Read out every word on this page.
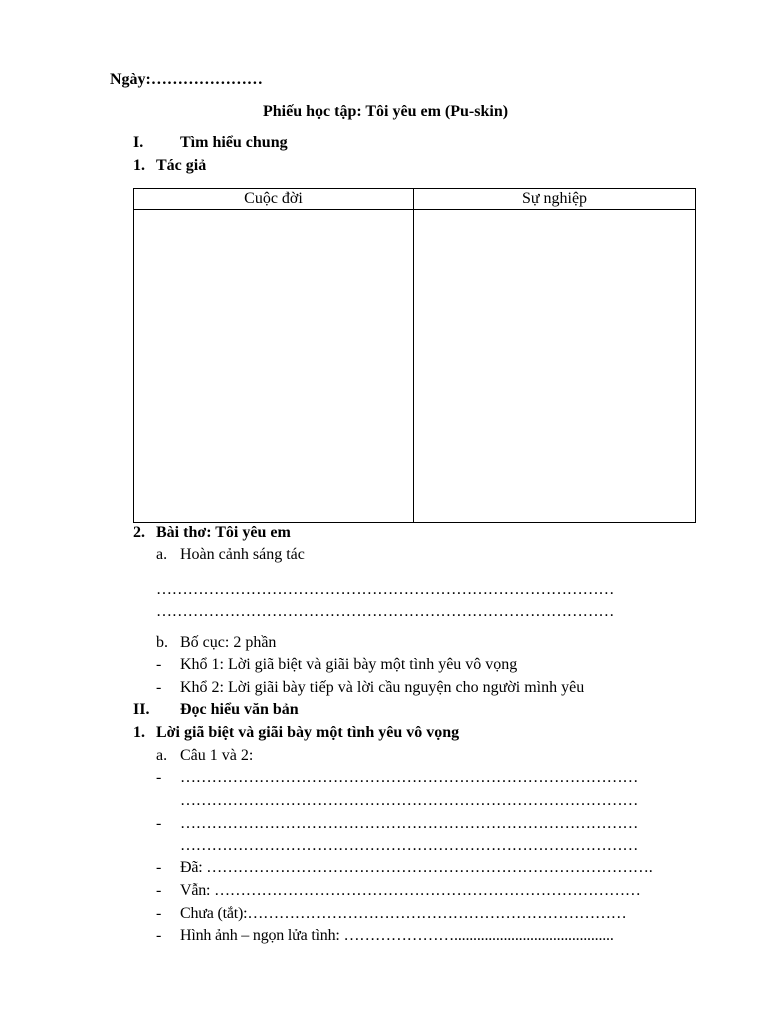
Ngày:…………………
Phiếu học tập: Tôi yêu em (Pu-skin)
I. Tìm hiểu chung
1. Tác giả
Cuộc đời	Sự nghiệp

2. Bài thơ: Tôi yêu em
a. Hoàn cảnh sáng tác
……………………………………………………………………………
……………………………………………………………………………
b. Bố cục: 2 phần
- Khổ 1: Lời giã biệt và giãi bày một tình yêu vô vọng
- Khổ 2: Lời giãi bày tiếp và lời cầu nguyện cho người mình yêu
II. Đọc hiểu văn bản
1. Lời giã biệt và giãi bày một tình yêu vô vọng
a. Câu 1 và 2:
- ……………………………………………………………………………
……………………………………………………………………………
- ……………………………………………………………………………
……………………………………………………………………………
- Đã: ………………………………………………………………………….
- Vẫn: ………………………………………………………………………
- Chưa (tắt):………………………………………………………………
- Hình ảnh – ngọn lửa tình: …………………..........................................
